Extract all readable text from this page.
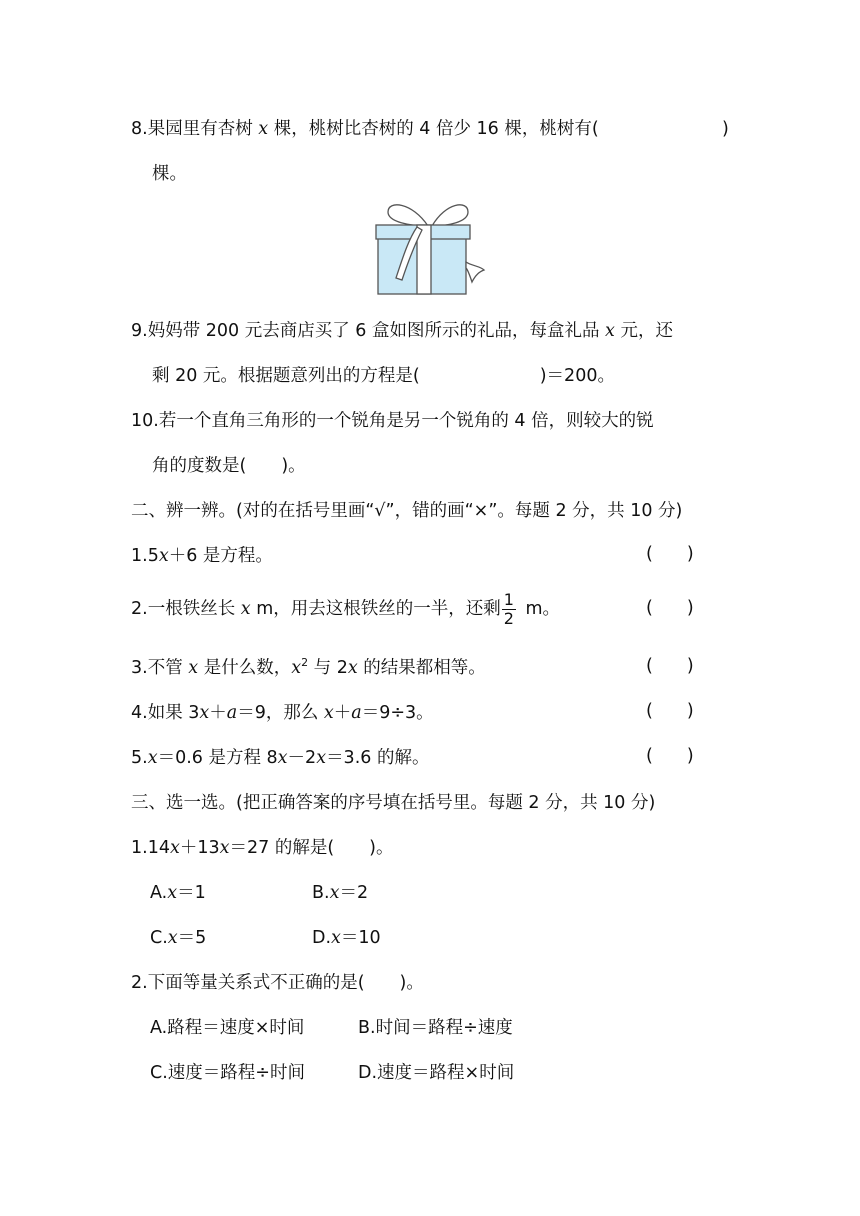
8.果园里有杏树 x 棵，桃树比杏树的 4 倍少 16 棵，桃树有(	)
棵。
9.妈妈带 200 元去商店买了 6 盒如图所示的礼品，每盒礼品 x 元，还
剩 20 元。根据题意列出的方程是(	)＝200。
10.若一个直角三角形的一个锐角是另一个锐角的 4 倍，则较大的锐
角的度数是(　　)。
二、辨一辨。(对的在括号里画“√”，错的画“×”。每题 2 分，共 10 分)
1.5x＋6 是方程。	( )
2.一根铁丝长 x m，用去这根铁丝的一半，还剩 $\frac{1}{2}$ m。	( )
3.不管 x 是什么数，$x^2$ 与 2x 的结果都相等。	( )
4.如果 3x＋a＝9，那么 x＋a＝9÷3。	( )
5.x＝0.6 是方程 8x－2x＝3.6 的解。	( )
三、选一选。(把正确答案的序号填在括号里。每题 2 分，共 10 分)
1.14x＋13x＝27 的解是(　　)。
A.x＝1	B.x＝2
C.x＝5	D.x＝10
2.下面等量关系式不正确的是(　　)。
A.路程＝速度×时间	B.时间＝路程÷速度
C.速度＝路程÷时间	D.速度＝路程×时间
